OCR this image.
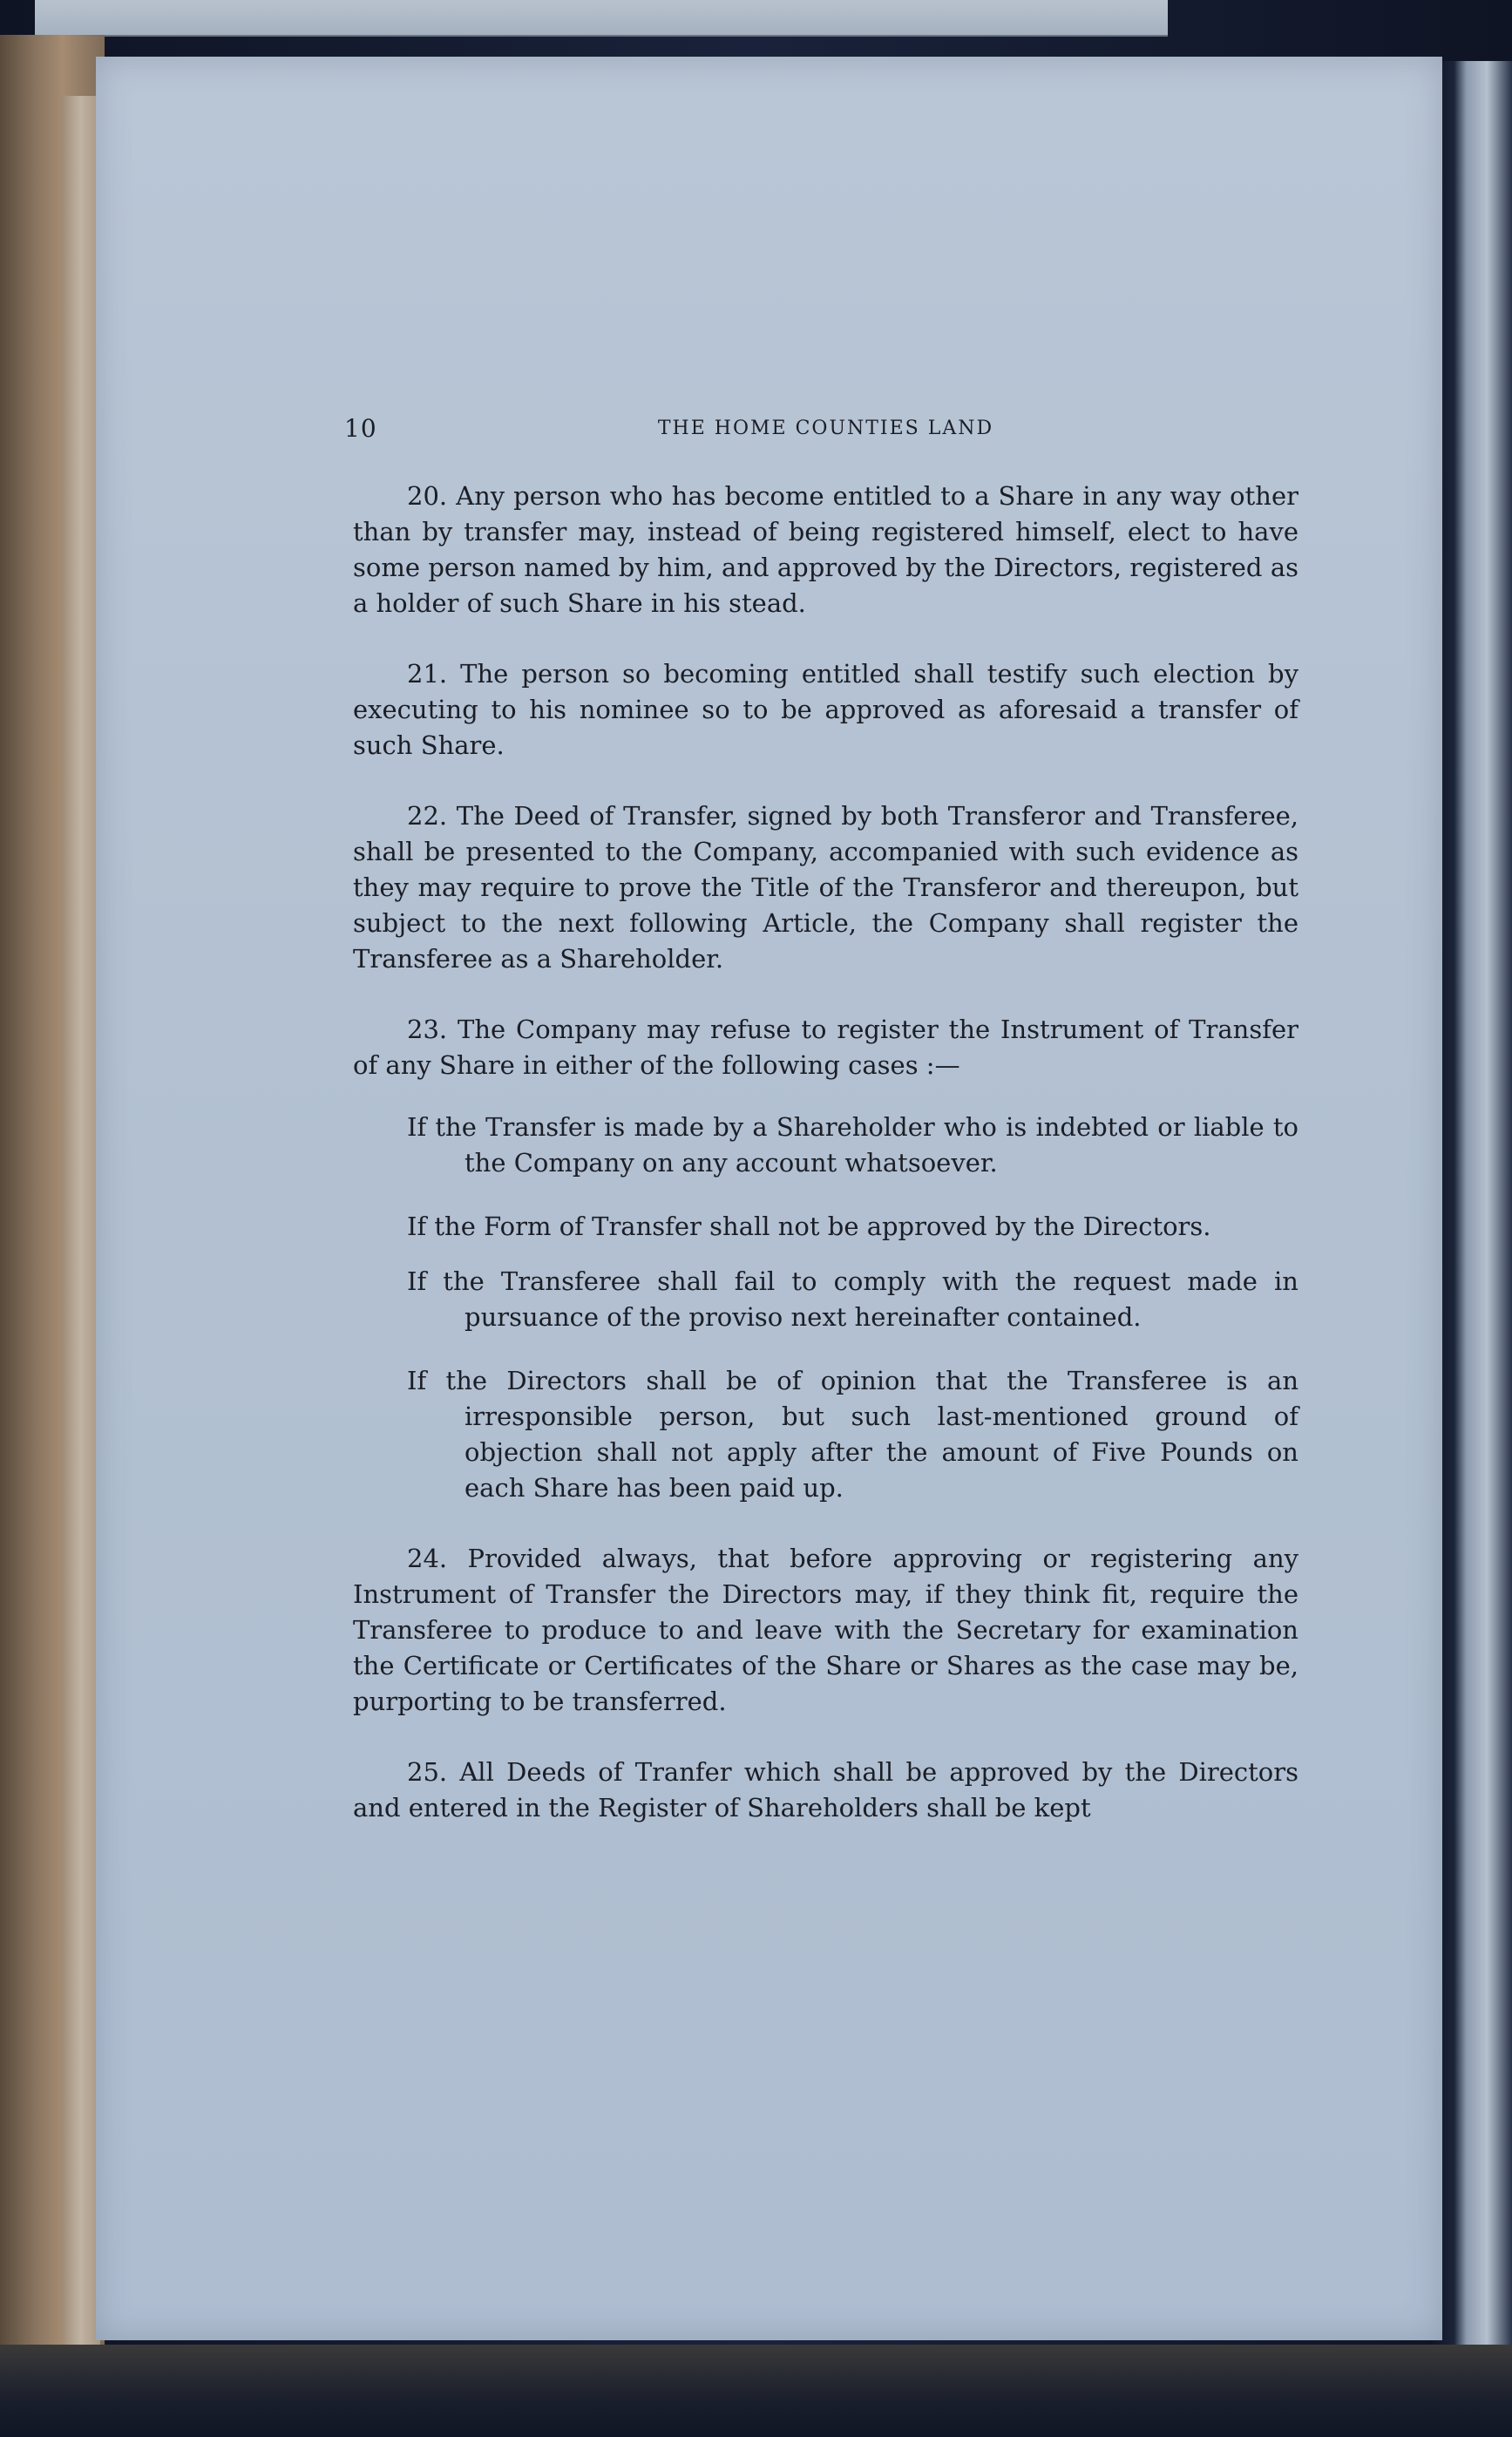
10	THE HOME COUNTIES LAND

20. Any person who has become entitled to a Share in any way other than by transfer may, instead of being registered himself, elect to have some person named by him, and approved by the Directors, registered as a holder of such Share in his stead.

21. The person so becoming entitled shall testify such election by executing to his nominee so to be approved as aforesaid a transfer of such Share.

22. The Deed of Transfer, signed by both Transferor and Transferee, shall be presented to the Company, accompanied with such evidence as they may require to prove the Title of the Transferor and thereupon, but subject to the next following Article, the Company shall register the Transferee as a Shareholder.

23. The Company may refuse to register the Instrument of Transfer of any Share in either of the following cases :—

If the Transfer is made by a Shareholder who is indebted or liable to the Company on any account whatsoever.

If the Form of Transfer shall not be approved by the Directors.

If the Transferee shall fail to comply with the request made in pursuance of the proviso next hereinafter contained.

If the Directors shall be of opinion that the Transferee is an irresponsible person, but such last-mentioned ground of objection shall not apply after the amount of Five Pounds on each Share has been paid up.

24. Provided always, that before approving or registering any Instrument of Transfer the Directors may, if they think fit, require the Transferee to produce to and leave with the Secretary for examination the Certificate or Certificates of the Share or Shares as the case may be, purporting to be transferred.

25. All Deeds of Tranfer which shall be approved by the Directors and entered in the Register of Shareholders shall be kept
